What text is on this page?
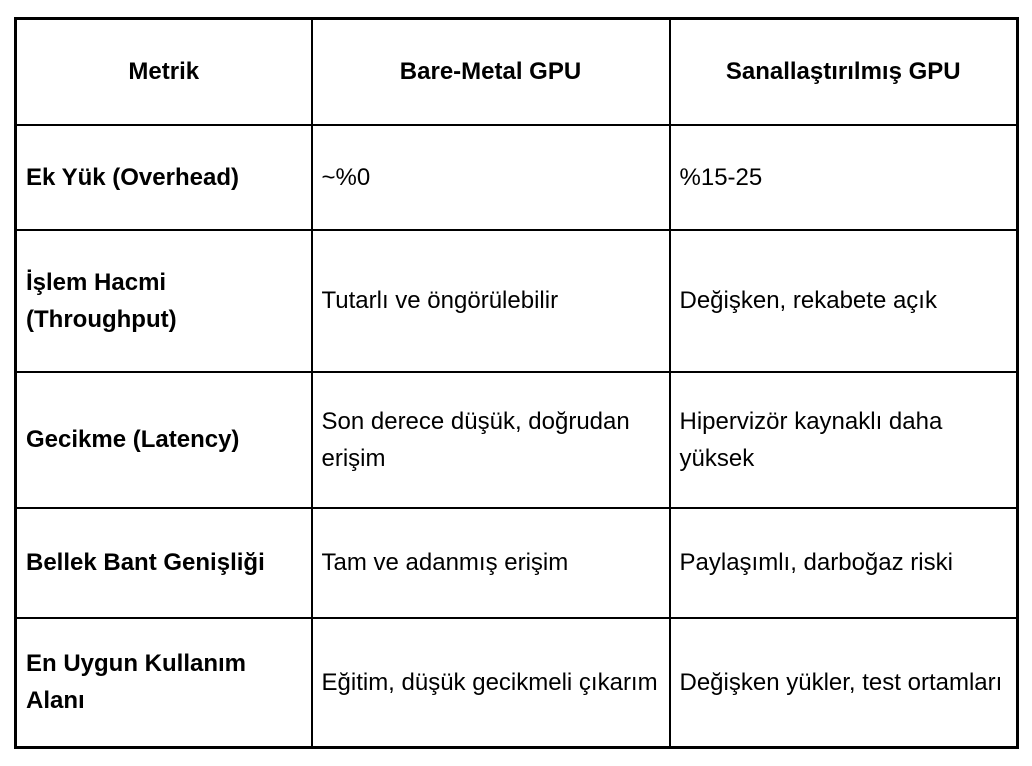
Metrik	Bare-Metal GPU	Sanallaştırılmış GPU
Ek Yük (Overhead)	~%0	%15-25
İşlem Hacmi (Throughput)	Tutarlı ve öngörülebilir	Değişken, rekabete açık
Gecikme (Latency)	Son derece düşük, doğrudan erişim	Hipervizör kaynaklı daha yüksek
Bellek Bant Genişliği	Tam ve adanmış erişim	Paylaşımlı, darboğaz riski
En Uygun Kullanım Alanı	Eğitim, düşük gecikmeli çıkarım	Değişken yükler, test ortamları
